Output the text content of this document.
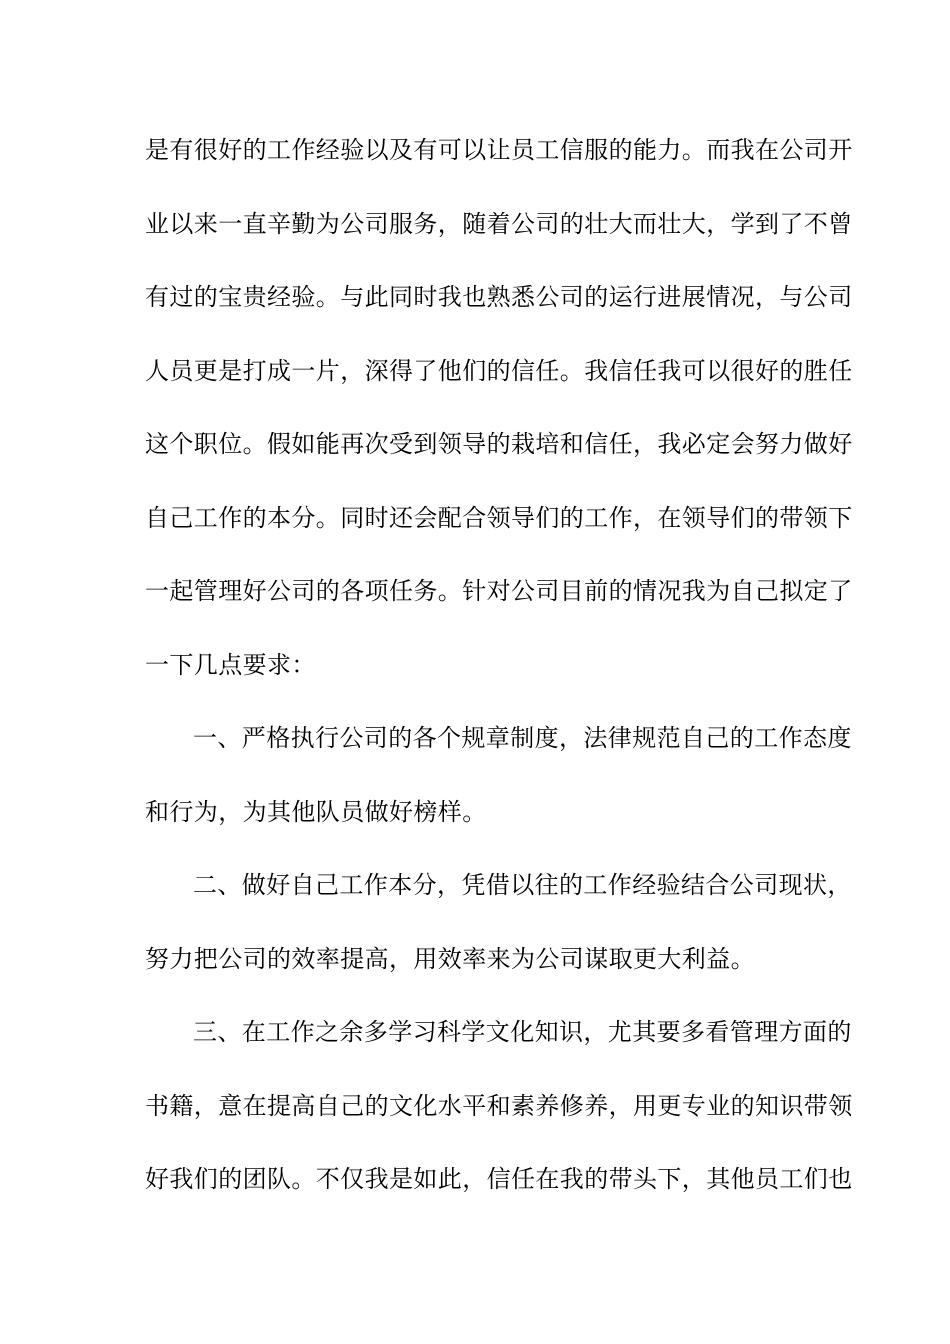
是有很好的工作经验以及有可以让员工信服的能力。而我在公司开
业以来一直辛勤为公司服务，随着公司的壮大而壮大，学到了不曾
有过的宝贵经验。与此同时我也熟悉公司的运行进展情况，与公司
人员更是打成一片，深得了他们的信任。我信任我可以很好的胜任
这个职位。假如能再次受到领导的栽培和信任，我必定会努力做好
自己工作的本分。同时还会配合领导们的工作，在领导们的带领下
一起管理好公司的各项任务。针对公司目前的情况我为自己拟定了
一下几点要求：
一、严格执行公司的各个规章制度，法律规范自己的工作态度
和行为，为其他队员做好榜样。
二、做好自己工作本分，凭借以往的工作经验结合公司现状，
努力把公司的效率提高，用效率来为公司谋取更大利益。
三、在工作之余多学习科学文化知识，尤其要多看管理方面的
书籍，意在提高自己的文化水平和素养修养，用更专业的知识带领
好我们的团队。不仅我是如此，信任在我的带头下，其他员工们也
